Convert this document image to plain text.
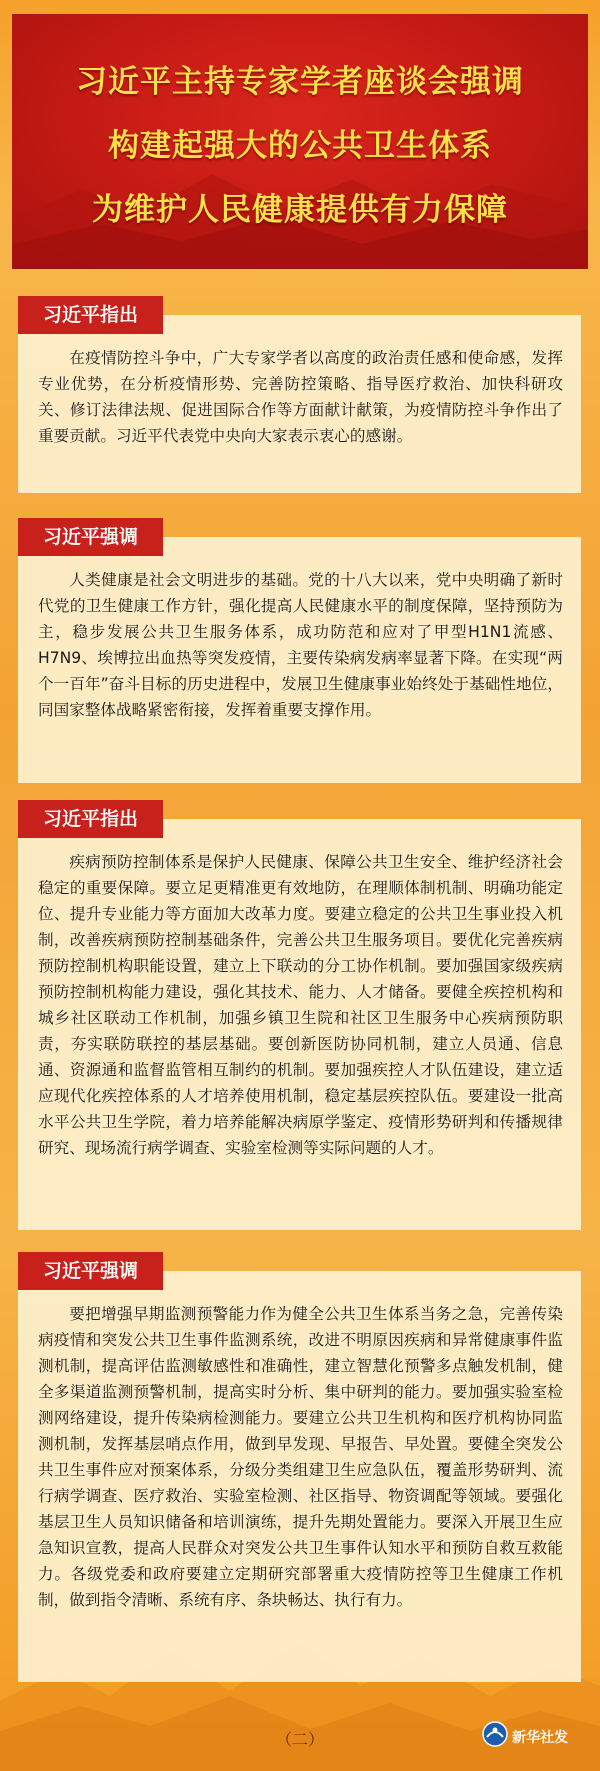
习近平主持专家学者座谈会强调
构建起强大的公共卫生体系
为维护人民健康提供有力保障

在疫情防控斗争中，广大专家学者以高度的政治责任感和使命感，发挥专业优势，在分析疫情形势、完善防控策略、指导医疗救治、加快科研攻关、修订法律法规、促进国际合作等方面献计献策，为疫情防控斗争作出了重要贡献。习近平代表党中央向大家表示衷心的感谢。

习近平指出

人类健康是社会文明进步的基础。党的十八大以来，党中央明确了新时代党的卫生健康工作方针，强化提高人民健康水平的制度保障，坚持预防为主，稳步发展公共卫生服务体系，成功防范和应对了甲型H1N1流感、H7N9、埃博拉出血热等突发疫情，主要传染病发病率显著下降。在实现“两个一百年”奋斗目标的历史进程中，发展卫生健康事业始终处于基础性地位，同国家整体战略紧密衔接，发挥着重要支撑作用。

习近平强调

疾病预防控制体系是保护人民健康、保障公共卫生安全、维护经济社会稳定的重要保障。要立足更精准更有效地防，在理顺体制机制、明确功能定位、提升专业能力等方面加大改革力度。要建立稳定的公共卫生事业投入机制，改善疾病预防控制基础条件，完善公共卫生服务项目。要优化完善疾病预防控制机构职能设置，建立上下联动的分工协作机制。要加强国家级疾病预防控制机构能力建设，强化其技术、能力、人才储备。要健全疾控机构和城乡社区联动工作机制，加强乡镇卫生院和社区卫生服务中心疾病预防职责，夯实联防联控的基层基础。要创新医防协同机制，建立人员通、信息通、资源通和监督监管相互制约的机制。要加强疾控人才队伍建设，建立适应现代化疾控体系的人才培养使用机制，稳定基层疾控队伍。要建设一批高水平公共卫生学院，着力培养能解决病原学鉴定、疫情形势研判和传播规律研究、现场流行病学调查、实验室检测等实际问题的人才。

习近平指出

要把增强早期监测预警能力作为健全公共卫生体系当务之急，完善传染病疫情和突发公共卫生事件监测系统，改进不明原因疾病和异常健康事件监测机制，提高评估监测敏感性和准确性，建立智慧化预警多点触发机制，健全多渠道监测预警机制，提高实时分析、集中研判的能力。要加强实验室检测网络建设，提升传染病检测能力。要建立公共卫生机构和医疗机构协同监测机制，发挥基层哨点作用，做到早发现、早报告、早处置。要健全突发公共卫生事件应对预案体系，分级分类组建卫生应急队伍，覆盖形势研判、流行病学调查、医疗救治、实验室检测、社区指导、物资调配等领域。要强化基层卫生人员知识储备和培训演练，提升先期处置能力。要深入开展卫生应急知识宣教，提高人民群众对突发公共卫生事件认知水平和预防自救互救能力。各级党委和政府要建立定期研究部署重大疫情防控等卫生健康工作机制，做到指令清晰、系统有序、条块畅达、执行有力。

习近平强调
（二）	新华社发
